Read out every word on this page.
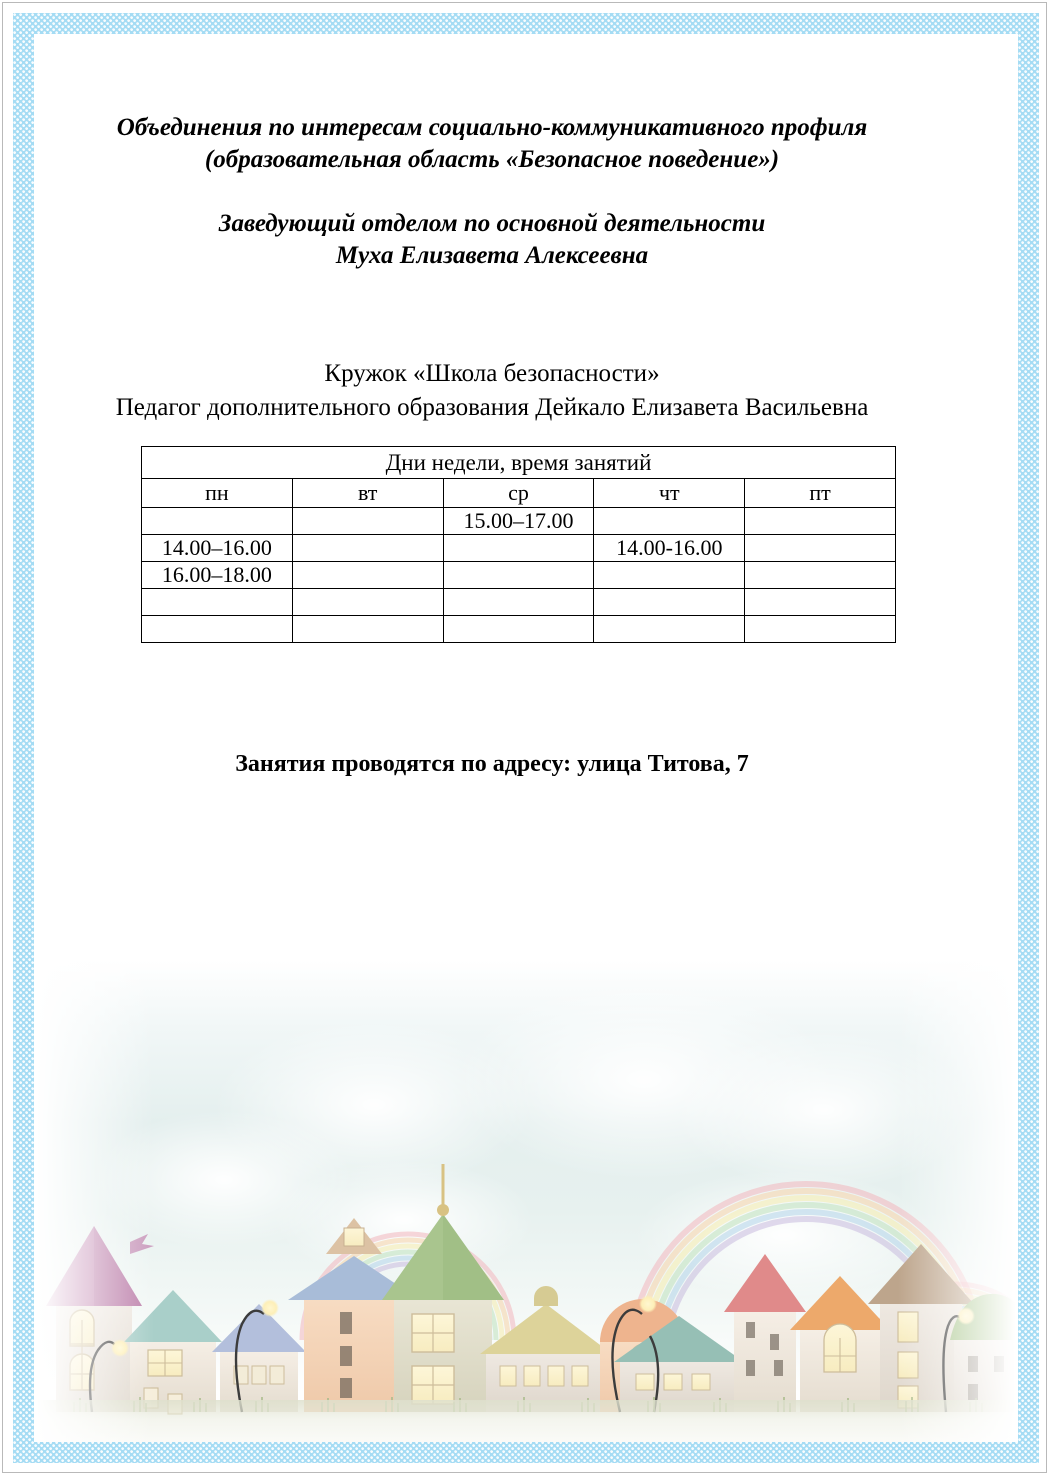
Объединения по интересам социально-коммуникативного профиля
(образовательная область «Безопасное поведение»)
Заведующий отделом по основной деятельности
Муха Елизавета Алексеевна
Кружок «Школа безопасности»
Педагог дополнительного образования Дейкало Елизавета Васильевна
Дни недели, время занятий				
пн	вт	ср	чт	пт
		15.00–17.00		
14.00–16.00			14.00-16.00	
16.00–18.00				

Занятия проводятся по адресу: улица Титова, 7
